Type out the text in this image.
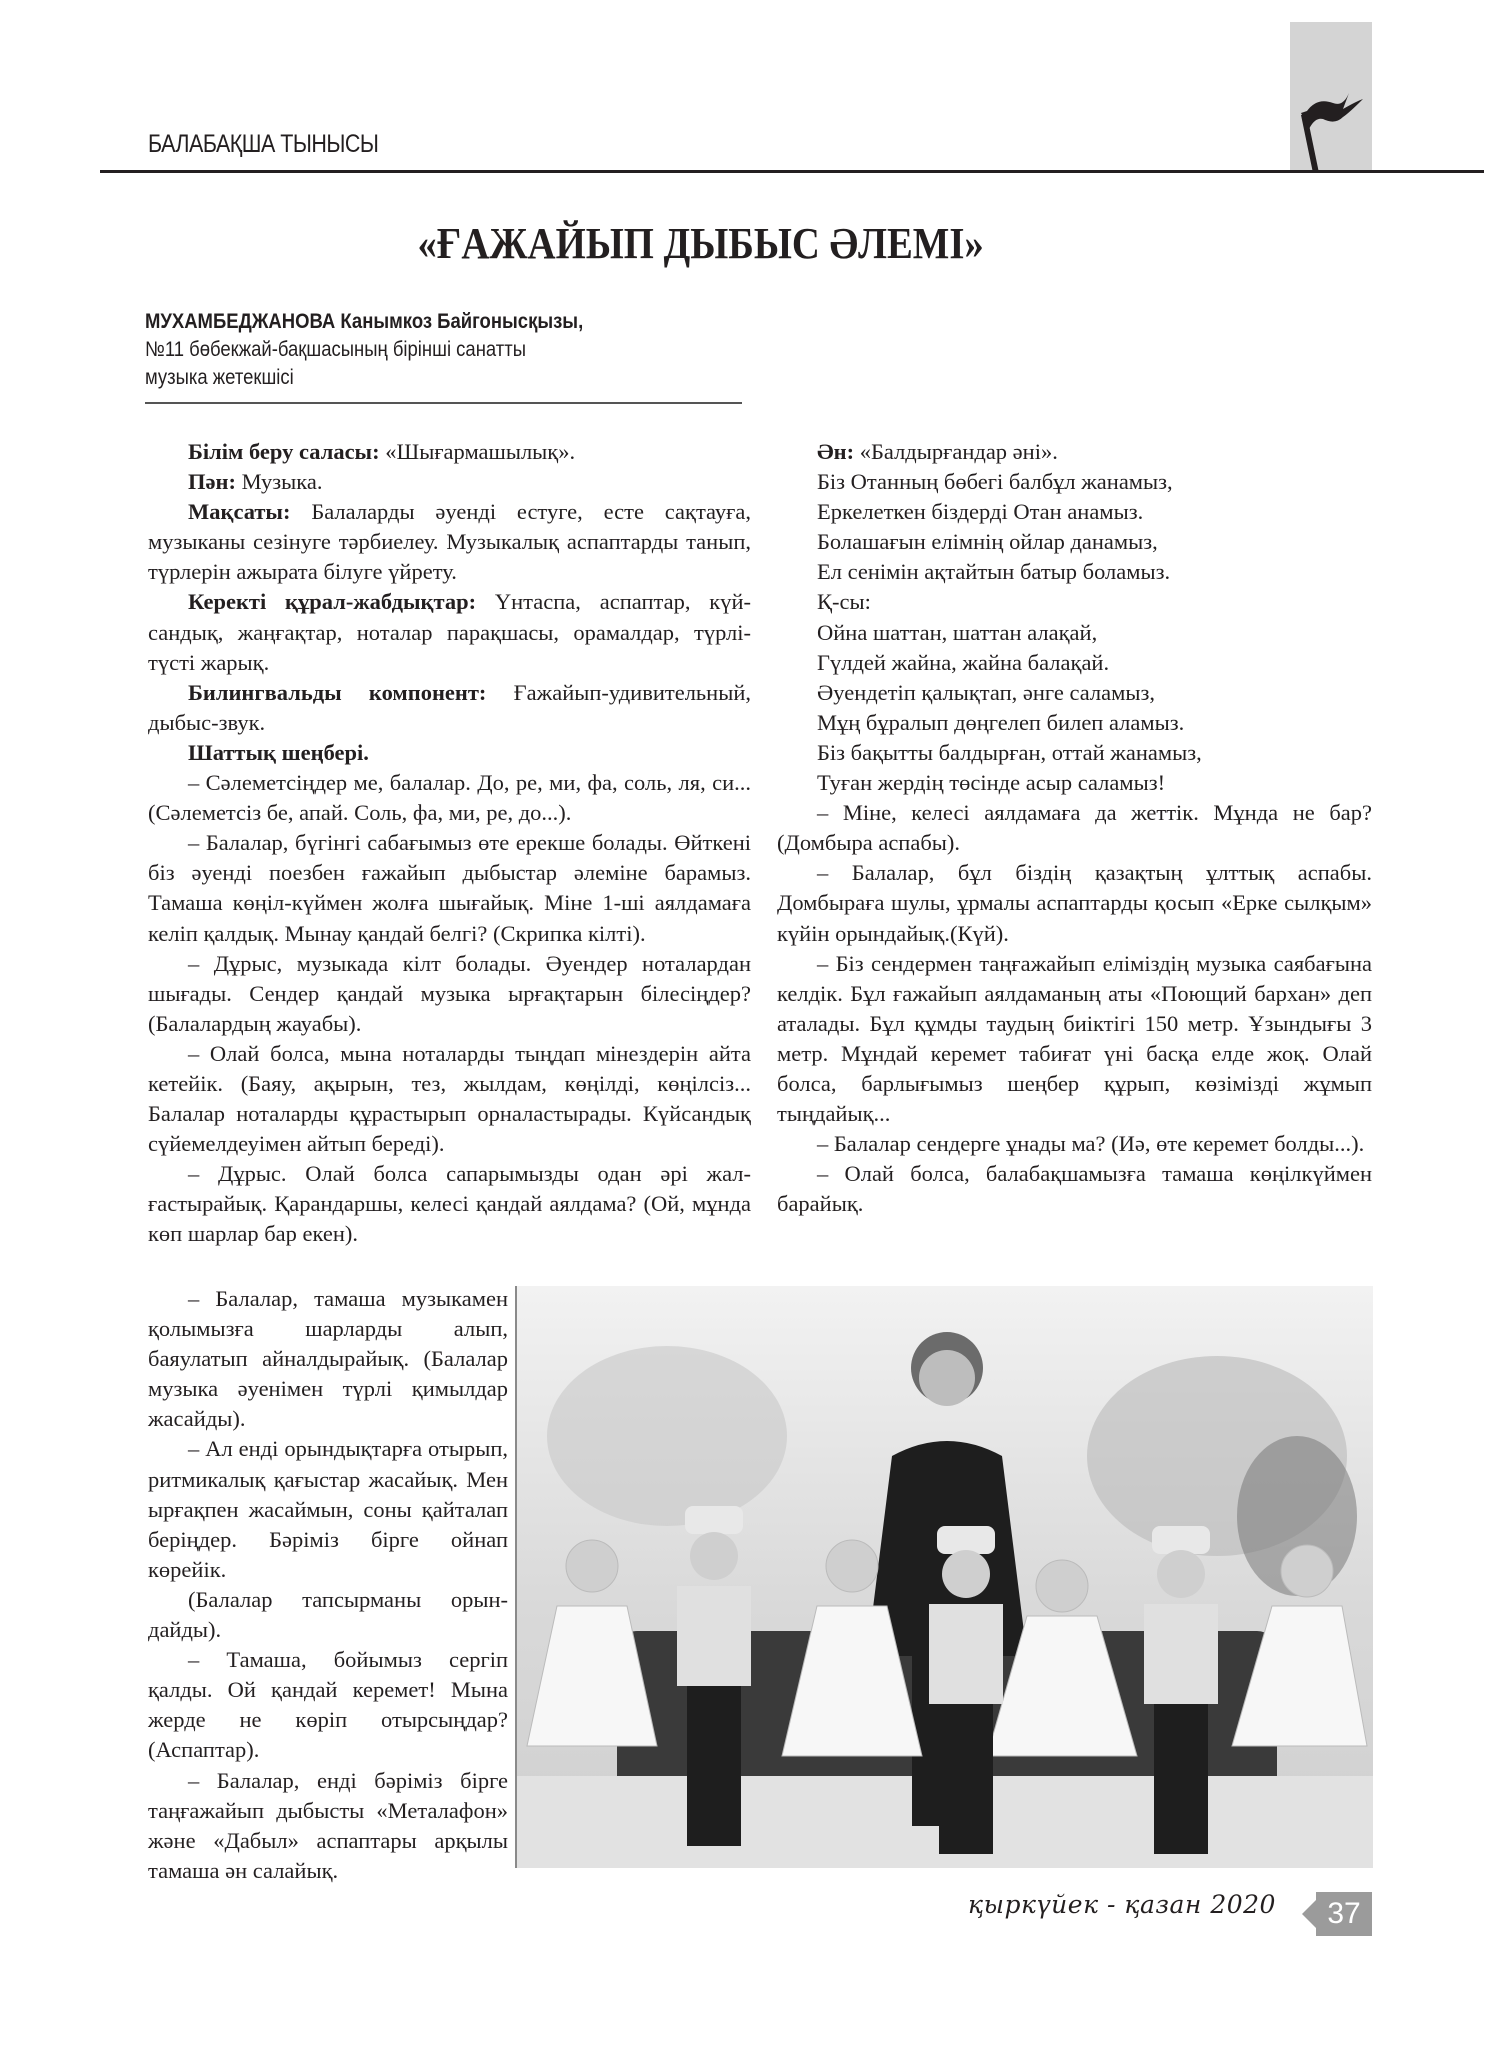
БАЛАБАҚША ТЫНЫСЫ
«ҒАЖАЙЫП ДЫБЫС ӘЛЕМІ»
МУХАМБЕДЖАНОВА Канымкоз Байгонысқызы,
№11 бөбекжай-бақшасының бірінші санатты
музыка жетекшісі

Білім беру саласы: «Шығармашылық».

Пән: Музыка.

Мақсаты: Балаларды әуенді естуге, есте сақтауға, музыканы сезінуге тәрбиелеу. Музыкалық аспаптарды танып, түрлерін ажырата білуге үйрету.

Керекті құрал-жабдықтар: Үнтаспа, аспаптар, күйсандық, жаңғақтар, ноталар парақшасы, орамалдар, түрлі-түсті жарық.

Билингвальды компонент: Ғажайып-удивительный, дыбыс-звук.

Шаттық шеңбері.

– Сәлеметсіңдер ме, балалар. До, ре, ми, фа, соль, ля, си... (Сәлеметсіз бе, апай. Соль, фа, ми, ре, до...).

– Балалар, бүгінгі сабағымыз өте ерекше болады. Өйткені біз әуенді поезбен ғажайып дыбыстар әлеміне барамыз. Тамаша көңіл-күймен жолға шығайық. Міне 1-ші аялдамаға келіп қалдық. Мынау қандай белгі? (Скрипка кілті).

– Дұрыс, музыкада кілт болады. Әуендер ноталардан шығады. Сендер қандай музыка ырғақтарын білесіңдер? (Балалардың жауабы).

– Олай болса, мына ноталарды тыңдап мінездерін айта кетейік. (Баяу, ақырын, тез, жылдам, көңілді, көңілсіз... Балалар ноталарды құрастырып орналастырады. Күйсандық сүйемелдеуімен айтып береді).

– Дұрыс. Олай болса сапарымызды одан әрі жалғастырайық. Қарандаршы, келесі қандай аялдама? (Ой, мұнда көп шарлар бар екен).

– Балалар, тамаша музыкамен қолымызға шарларды алып, баяулатып айналдырайық. (Балалар музыка әуенімен түрлі қимылдар жасайды).

– Ал енді орындықтарға отырып, ритмикалық қағыстар жасайық. Мен ырғақпен жасаймын, соны қайталап беріңдер. Бәріміз бірге ойнап көрейік.

(Балалар тапсырманы орындайды).

– Тамаша, бойымыз сергіп қалды. Ой қандай керемет! Мына жерде не көріп отырсыңдар? (Аспаптар).

– Балалар, енді бәріміз бірге таңғажайып дыбысты «Металафон» және «Дабыл» аспаптары арқылы тамаша ән салайық.

Ән: «Балдырғандар әні».

Біз Отанның бөбегі балбұл жанамыз,

Еркелеткен біздерді Отан анамыз.

Болашағын елімнің ойлар данамыз,

Ел сенімін ақтайтын батыр боламыз.

Қ-сы:

Ойна шаттан, шаттан алақай,

Гүлдей жайна, жайна балақай.

Әуендетіп қалықтап, әнге саламыз,

Мұң бұралып дөңгелеп билеп аламыз.

Біз бақытты балдырған, оттай жанамыз,

Туған жердің төсінде асыр саламыз!

– Міне, келесі аялдамаға да жеттік. Мұнда не бар? (Домбыра аспабы).

– Балалар, бұл біздің қазақтың ұлттық аспабы. Домбыраға шулы, ұрмалы аспаптарды қосып «Ерке сылқым» күйін орындайық.(Күй).

– Біз сендермен таңғажайып еліміздің музыка саябағына келдік. Бұл ғажайып аялдаманың аты «Поющий бархан» деп аталады. Бұл құмды таудың биіктігі 150 метр. Ұзындығы 3 метр. Мұндай керемет табиғат үні басқа елде жоқ. Олай болса, барлығымыз шеңбер құрып, көзімізді жұмып тыңдайық...

– Балалар сендерге ұнады ма? (Иә, өте керемет болды...).

– Олай болса, балабақшамызға тамаша көңілкүймен барайық.

қыркүйек - қазан 2020	37
